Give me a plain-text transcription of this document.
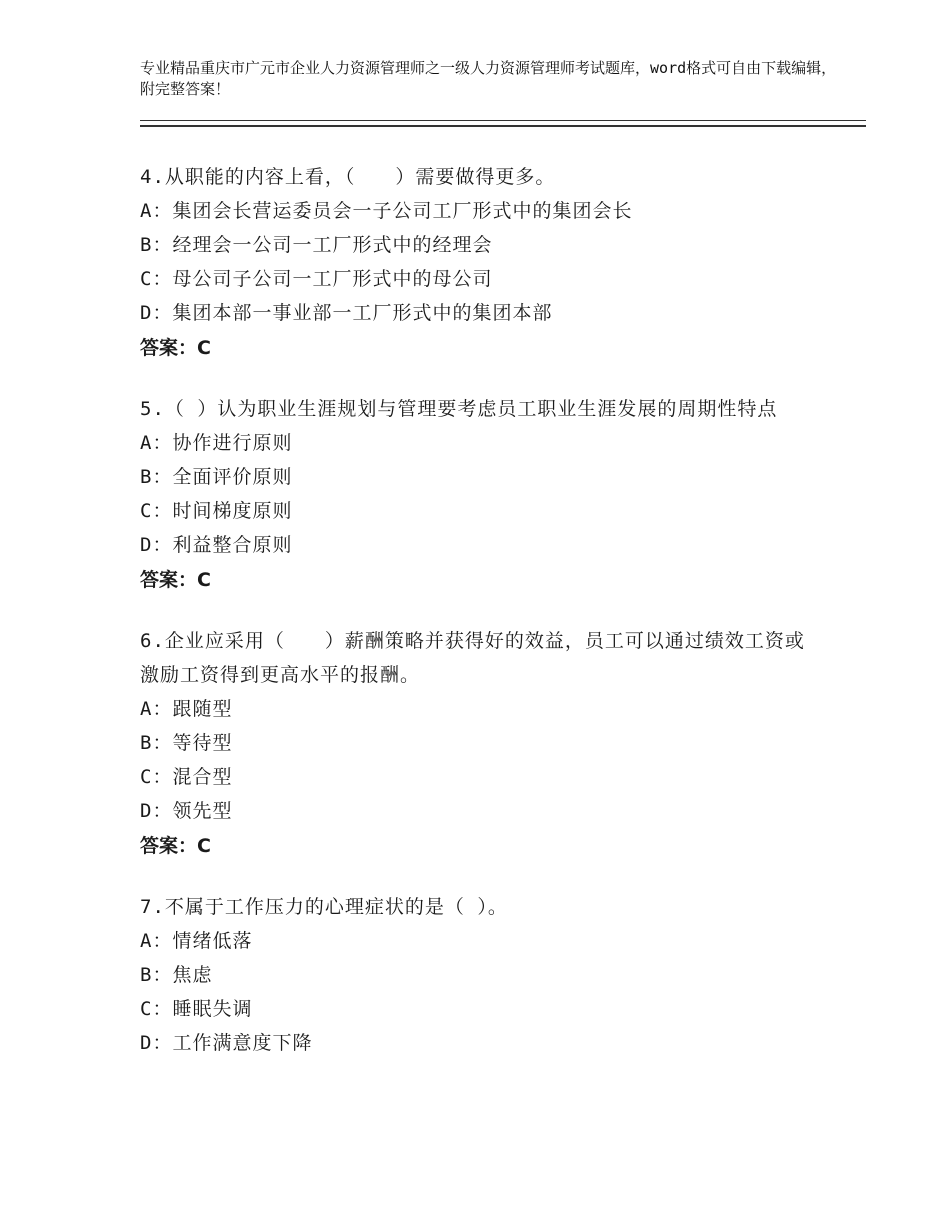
专业精品重庆市广元市企业人力资源管理师之一级人力资源管理师考试题库，word格式可自由下载编辑，附完整答案！

4.从职能的内容上看，（　　）需要做得更多。

A：集团会长营运委员会一子公司工厂形式中的集团会长

B：经理会一公司一工厂形式中的经理会

C：母公司子公司一工厂形式中的母公司

D：集团本部一事业部一工厂形式中的集团本部

答案：C

5.（ ）认为职业生涯规划与管理要考虑员工职业生涯发展的周期性特点

A：协作进行原则

B：全面评价原则

C：时间梯度原则

D：利益整合原则

答案：C

6.企业应采用（　　）薪酬策略并获得好的效益，员工可以通过绩效工资或激励工资得到更高水平的报酬。

A：跟随型

B：等待型

C：混合型

D：领先型

答案：C

7.不属于工作压力的心理症状的是（ ）。

A：情绪低落

B：焦虑

C：睡眠失调

D：工作满意度下降
